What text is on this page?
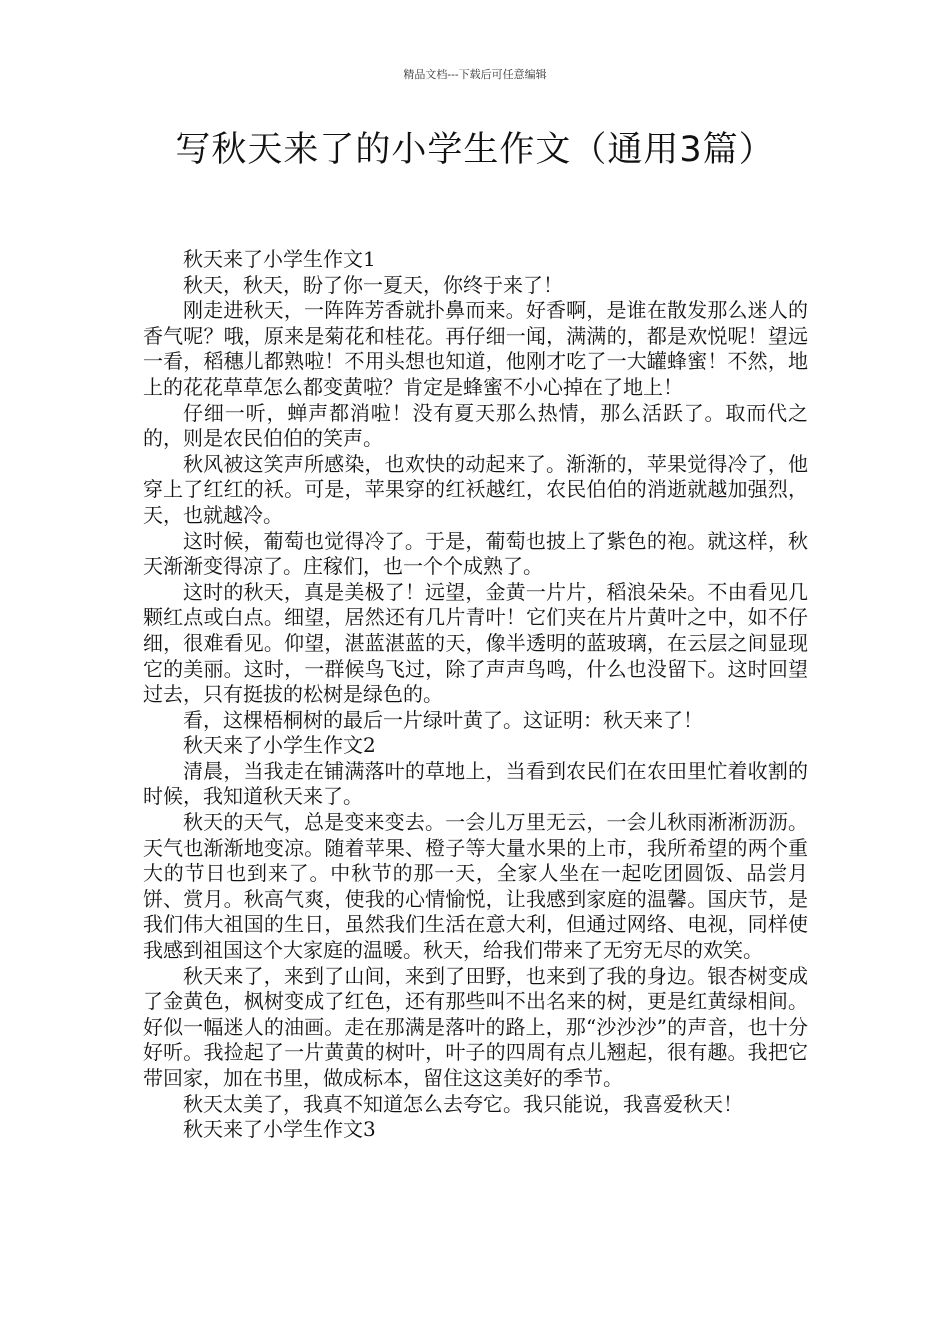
精品文档---下载后可任意编辑
写秋天来了的小学生作文（通用3篇）

秋天来了小学生作文1

秋天，秋天，盼了你一夏天，你终于来了！

刚走进秋天，一阵阵芳香就扑鼻而来。好香啊，是谁在散发那么迷人的香气呢？哦，原来是菊花和桂花。再仔细一闻，满满的，都是欢悦呢！望远一看，稻穗儿都熟啦！不用头想也知道，他刚才吃了一大罐蜂蜜！不然，地上的花花草草怎么都变黄啦？肯定是蜂蜜不小心掉在了地上！

仔细一听，蝉声都消啦！没有夏天那么热情，那么活跃了。取而代之的，则是农民伯伯的笑声。

秋风被这笑声所感染，也欢快的动起来了。渐渐的，苹果觉得冷了，他穿上了红红的袄。可是，苹果穿的红袄越红，农民伯伯的消逝就越加强烈，天，也就越冷。

这时候，葡萄也觉得冷了。于是，葡萄也披上了紫色的袍。就这样，秋天渐渐变得凉了。庄稼们，也一个个成熟了。

这时的秋天，真是美极了！远望，金黄一片片，稻浪朵朵。不由看见几颗红点或白点。细望，居然还有几片青叶！它们夹在片片黄叶之中，如不仔细，很难看见。仰望，湛蓝湛蓝的天，像半透明的蓝玻璃，在云层之间显现它的美丽。这时，一群候鸟飞过，除了声声鸟鸣，什么也没留下。这时回望过去，只有挺拔的松树是绿色的。

看，这棵梧桐树的最后一片绿叶黄了。这证明：秋天来了！

秋天来了小学生作文2

清晨，当我走在铺满落叶的草地上，当看到农民们在农田里忙着收割的时候，我知道秋天来了。

秋天的天气，总是变来变去。一会儿万里无云，一会儿秋雨淅淅沥沥。天气也渐渐地变凉。随着苹果、橙子等大量水果的上市，我所希望的两个重大的节日也到来了。中秋节的那一天，全家人坐在一起吃团圆饭、品尝月饼、赏月。秋高气爽，使我的心情愉悦，让我感到家庭的温馨。国庆节，是我们伟大祖国的生日，虽然我们生活在意大利，但通过网络、电视，同样使我感到祖国这个大家庭的温暖。秋天，给我们带来了无穷无尽的欢笑。

秋天来了，来到了山间，来到了田野，也来到了我的身边。银杏树变成了金黄色，枫树变成了红色，还有那些叫不出名来的树，更是红黄绿相间。好似一幅迷人的油画。走在那满是落叶的路上，那“沙沙沙”的声音，也十分好听。我捡起了一片黄黄的树叶，叶子的四周有点儿翘起，很有趣。我把它带回家，加在书里，做成标本，留住这这美好的季节。

秋天太美了，我真不知道怎么去夸它。我只能说，我喜爱秋天！

秋天来了小学生作文3
